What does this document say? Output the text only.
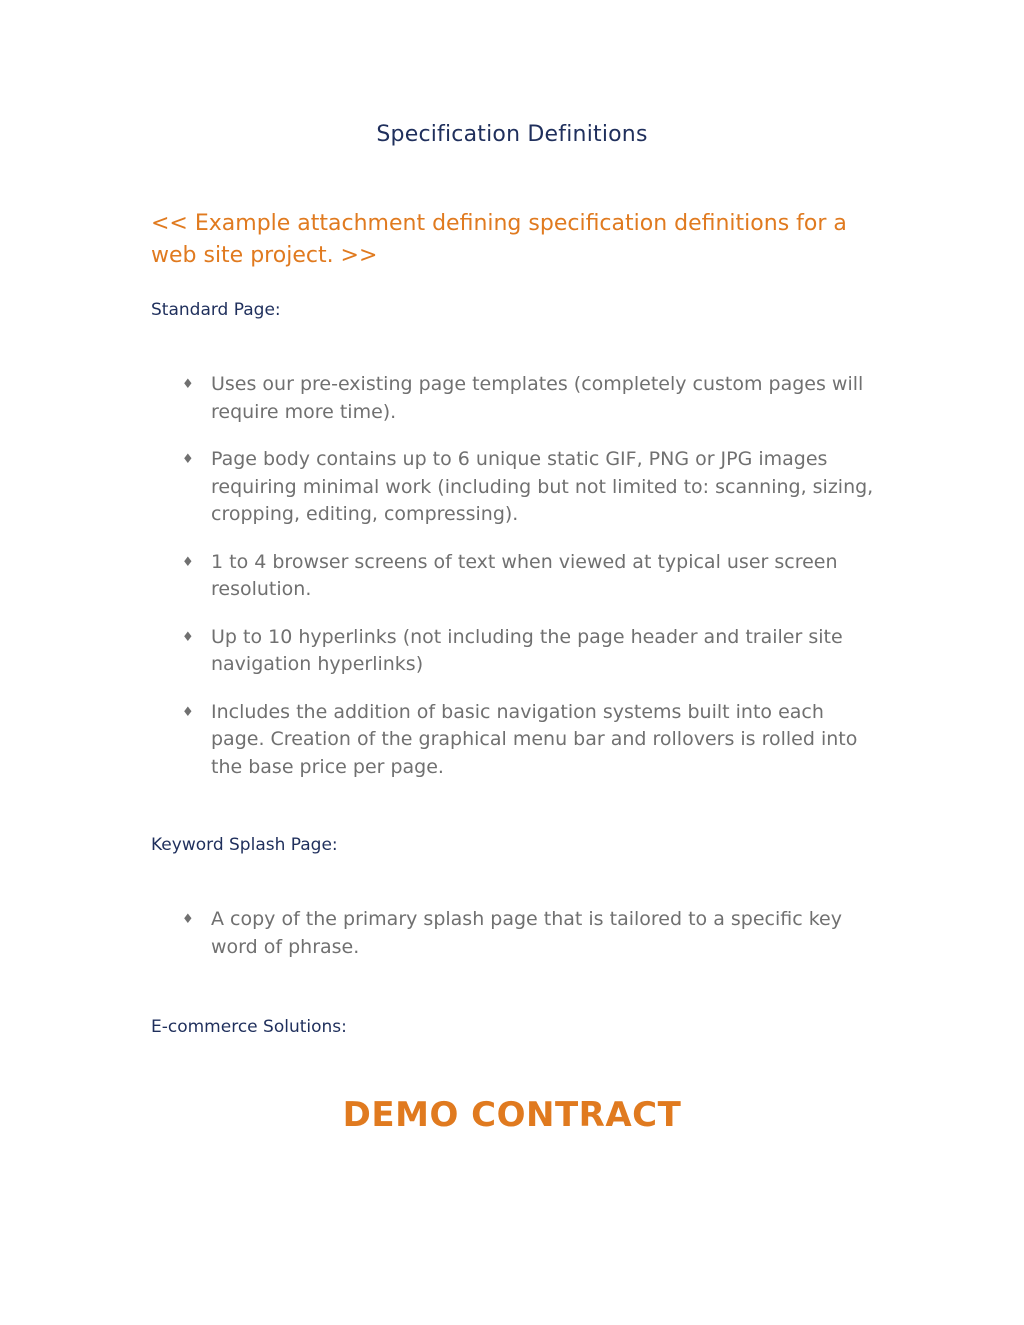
Specification Definitions
<< Example attachment defining specification definitions for a web site project. >>
Standard Page:
♦ Uses our pre-existing page templates (completely custom pages will require more time).
♦ Page body contains up to 6 unique static GIF, PNG or JPG images requiring minimal work (including but not limited to: scanning, sizing, cropping, editing, compressing).
♦ 1 to 4 browser screens of text when viewed at typical user screen resolution.
♦ Up to 10 hyperlinks (not including the page header and trailer site navigation hyperlinks)
♦ Includes the addition of basic navigation systems built into each page. Creation of the graphical menu bar and rollovers is rolled into the base price per page.
Keyword Splash Page:
♦ A copy of the primary splash page that is tailored to a specific key word of phrase.
E-commerce Solutions:
DEMO CONTRACT
